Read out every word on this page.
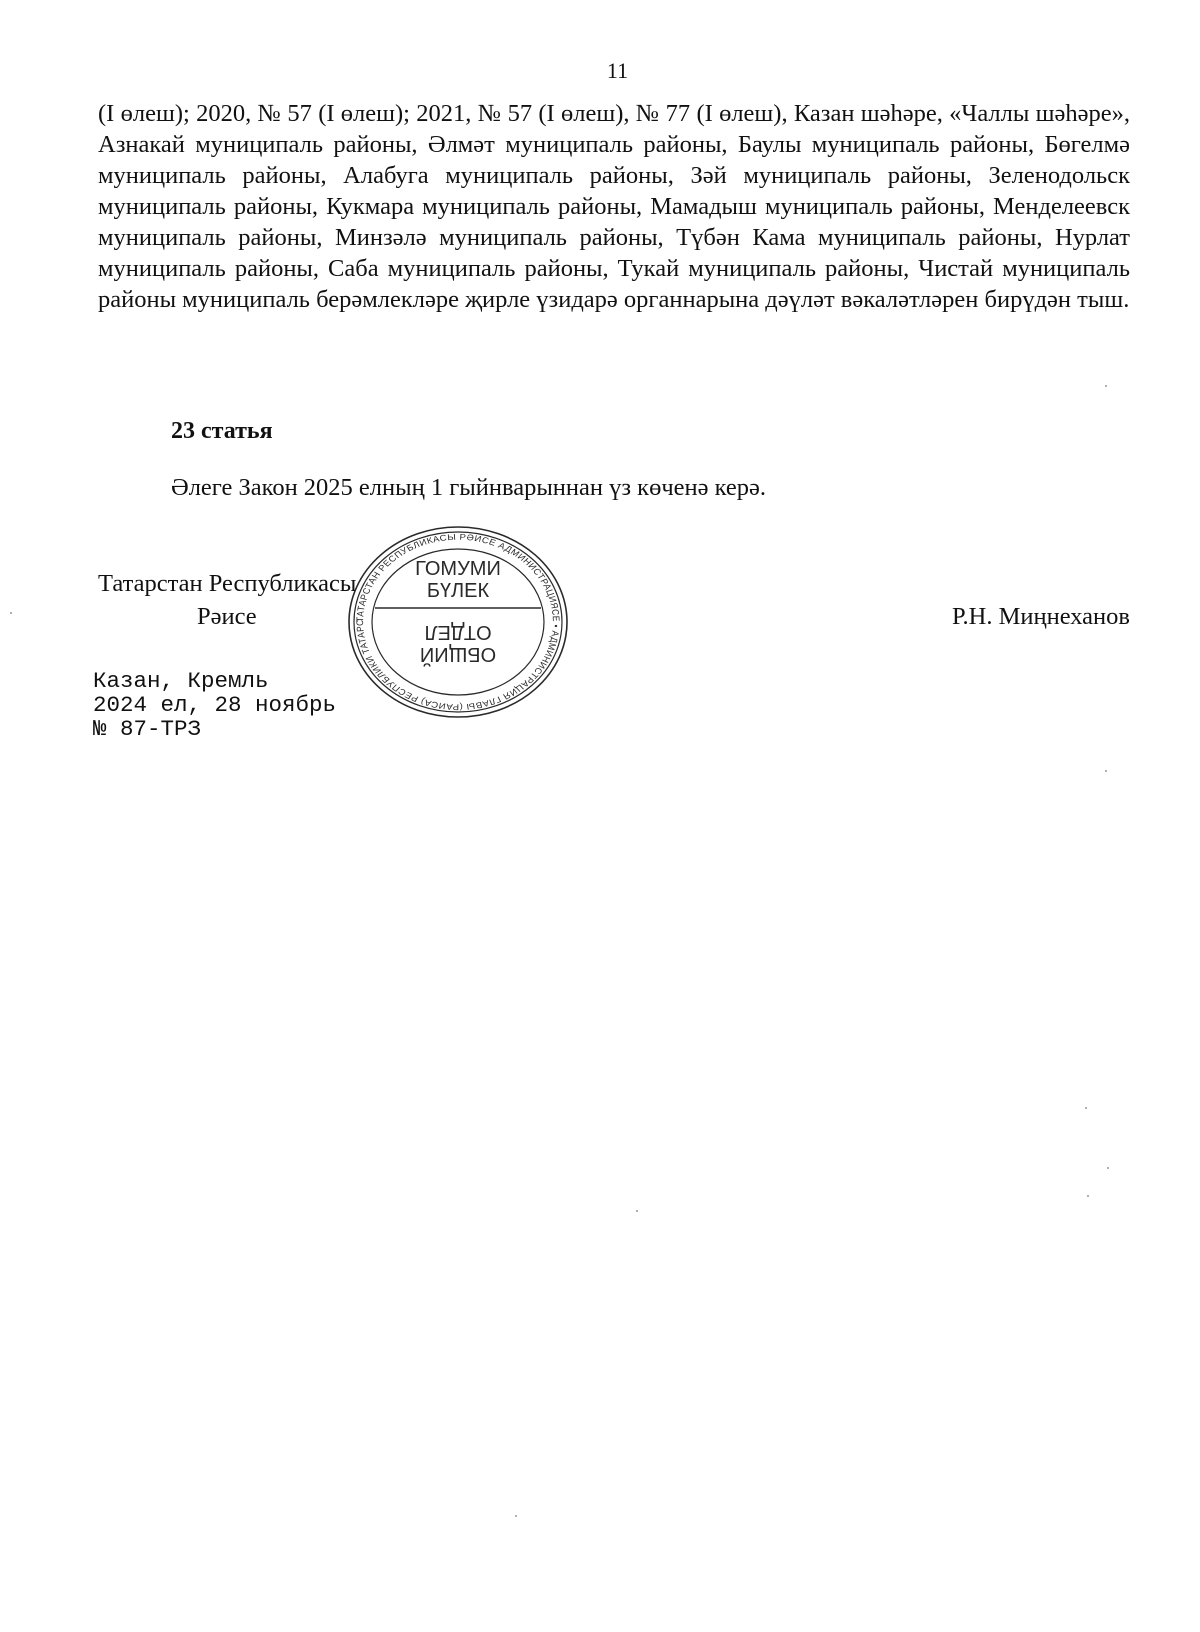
11

(I өлеш); 2020, № 57 (I өлеш); 2021, № 57 (I өлеш), № 77 (I өлеш), Казан шәһәре, «Чаллы шәһәре», Азнакай муниципаль районы, Әлмәт муниципаль районы, Баулы муниципаль районы, Бөгелмә муниципаль районы, Алабуга муниципаль районы, Зәй муниципаль районы, Зеленодольск муниципаль районы, Кукмара муниципаль районы, Мамадыш муниципаль районы, Менделеевск муниципаль районы, Минзәлә муниципаль районы, Түбән Кама муниципаль районы, Нурлат муниципаль районы, Саба муниципаль районы, Тукай муниципаль районы, Чистай муниципаль районы муниципаль берәмлекләре җирле үзидарә органнарына дәүләт вәкаләтләрен бирүдән тыш.

23 статья

Әлеге Закон 2025 елның 1 гыйнварыннан үз көченә керә.

Татарстан Республикасы
Рәисе	Р.Н. Миңнеханов
Казан, Кремль
2024 ел, 28 ноябрь
№ 87-ТРЗ
ТАТАРСТАН РЕСПУБЛИКАСЫ РӘИСЕ АДМИНИСТРАЦИЯСЕ • АДМИНИСТРАЦИЯ ГЛАВЫ (РАИСА) РЕСПУБЛИКИ ТАТАРС
ГОМУМИ
БҮЛЕК
ОТДЕЛ
ОБЩИЙ
